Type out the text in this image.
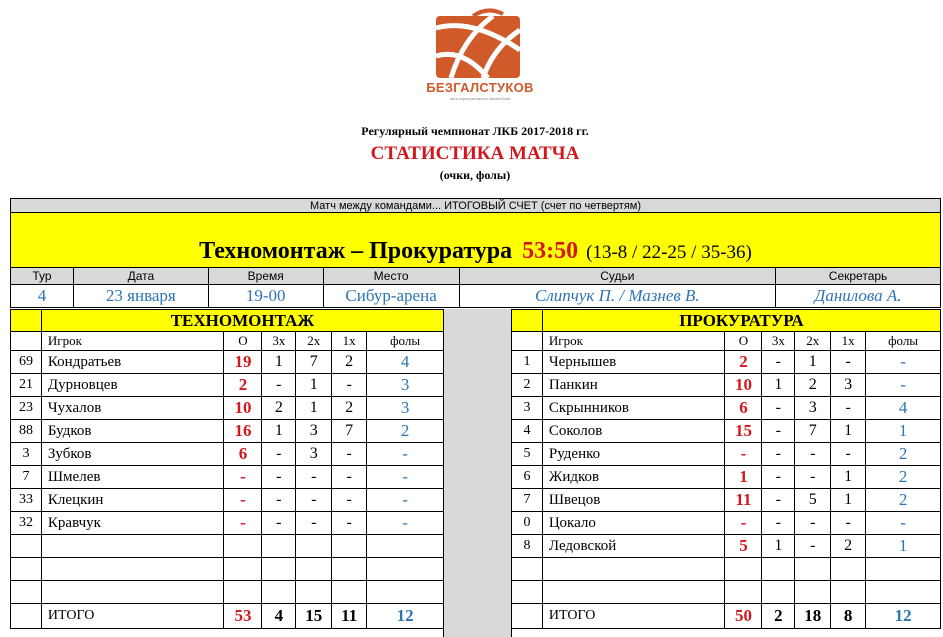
БЕЗГАЛСТУКОВ
лига корпоративного баскетбола
Регулярный чемпионат ЛКБ 2017-2018 гг.
СТАТИСТИКА МАТЧА
(очки, фолы)
Матч между командами... ИТОГОВЫЙ СЧЕТ (счет по четвертям)					

Техномонтаж – Прокуратура 53:50 (13-8 / 22-25 / 35-36)					

Тур	Дата	Время	Место	Судьи	Секретарь
4	23 января	19-00	Сибур-арена	Слипчук П. / Мазнев В.	Данилова А.
	ТЕХНОМОНТАЖ					
	Игрок	О	3х	2х	1х	фолы
69	Кондратьев	19	1	7	2	4
21	Дурновцев	2	-	1	-	3
23	Чухалов	10	2	1	2	3
88	Будков	16	1	3	7	2
3	Зубков	6	-	3	-	-
7	Шмелев	-	-	-	-	-
33	Клецкин	-	-	-	-	-
32	Кравчук	-	-	-	-	-

	ИТОГО	53	4	15	11	12
	ПРОКУРАТУРА					
	Игрок	О	3х	2х	1х	фолы
1	Чернышев	2	-	1	-	-
2	Панкин	10	1	2	3	-
3	Скрынников	6	-	3	-	4
4	Соколов	15	-	7	1	1
5	Руденко	-	-	-	-	2
6	Жидков	1	-	-	1	2
7	Швецов	11	-	5	1	2
0	Цокало	-	-	-	-	-
8	Ледовской	5	1	-	2	1

	ИТОГО	50	2	18	8	12
